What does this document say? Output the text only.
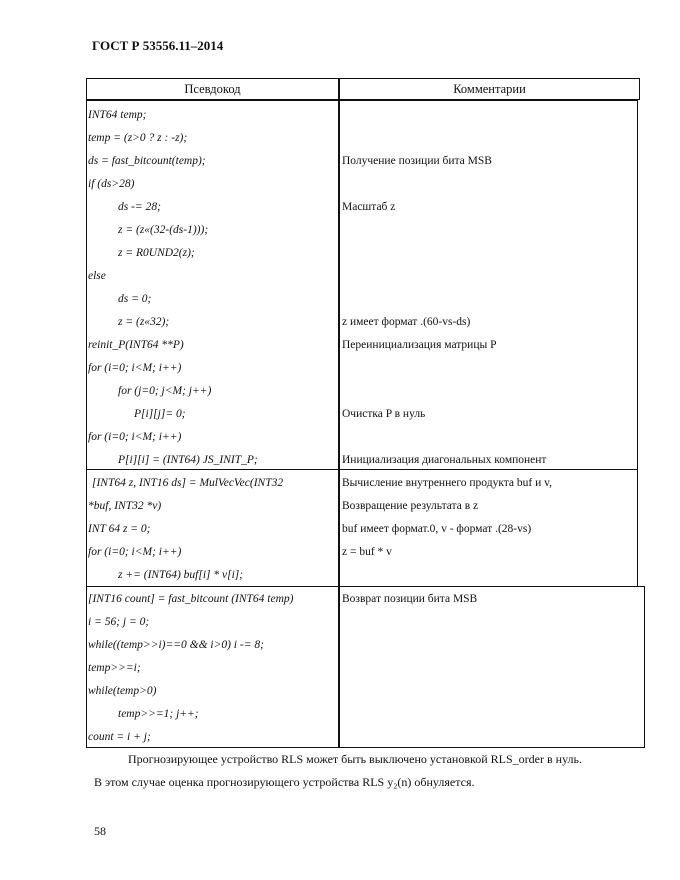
ГОСТ Р 53556.11–2014
Псевдокод	Комментарии
INT64 temp;
temp = (z>0 ? z : -z);
ds = fast_bitcount(temp);	Получение позиции бита MSB
if (ds>28)
ds -= 28;	Масштаб z
z = (z«(32-(ds-1)));
z = R0UND2(z);
else
ds = 0;
z = (z«32);	z имеет формат .(60-vs-ds)
reinit_P(INT64 **P)	Переинициализация матрицы P
for (i=0; i<M; i++)
for (j=0; j<M; j++)
P[i][j]= 0;	Очистка P в нуль
for (i=0; i<M; i++)
P[i][i] = (INT64) JS_INIT_P;	Инициализация диагональных компонент
[INT64 z, INT16 ds] = MulVecVec(INT32	Вычисление внутреннего продукта buf и v,
*buf, INT32 *v)	Возвращение результата в z
INT 64 z = 0;	buf имеет формат.0, v - формат .(28-vs)
for (i=0; i<M; i++)	z = buf * v
z += (INT64) buf[i] * v[i];
[INT16 count] = fast_bitcount (INT64 temp)	Возврат позиции бита MSB
i = 56; j = 0;
while((temp>>i)==0 && i>0) i -= 8;
temp>>=i;
while(temp>0)
temp>>=1; j++;
count = i + j;
Прогнозирующее устройство RLS может быть выключено установкой RLS_order в нуль.
В этом случае оценка прогнозирующего устройства RLS y₂(n) обнуляется.
58
